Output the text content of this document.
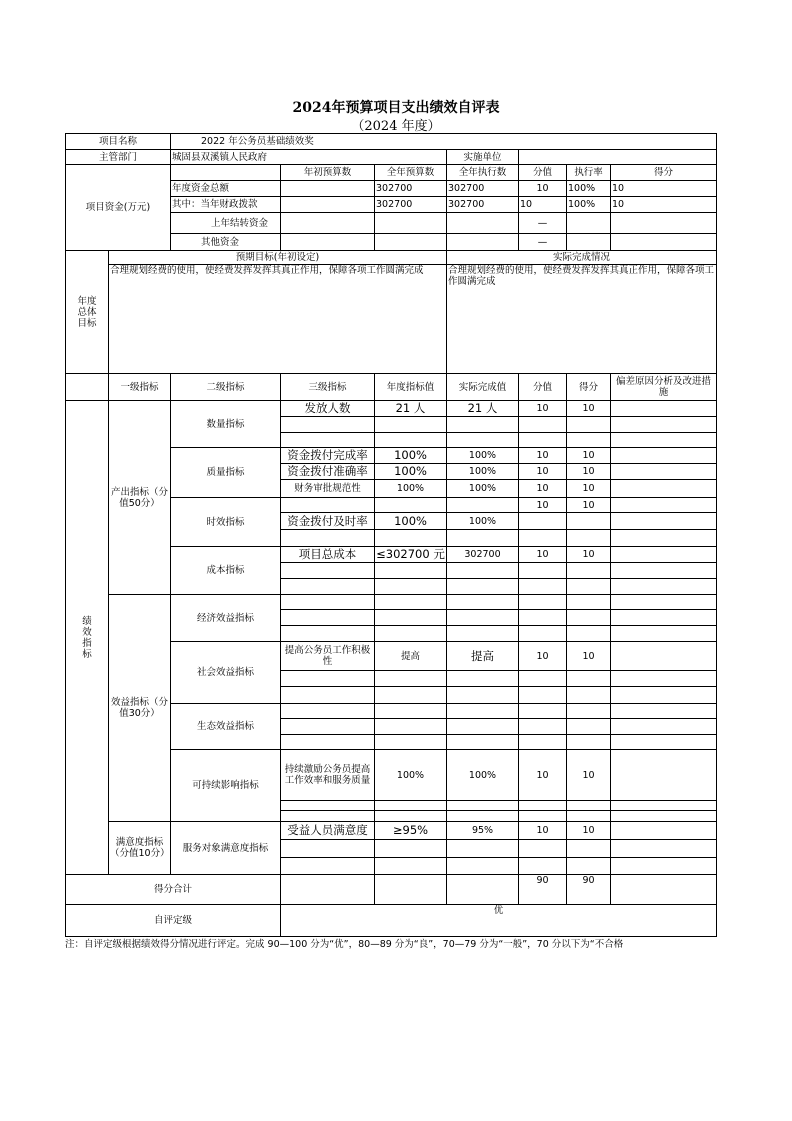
2024年预算项目支出绩效自评表
（2024 年度）
项目名称		2022 年公务员基础绩效奖						
主管部门		城固县双溪镇人民政府			实施单位			
项目资金(万元)			年初预算数	全年预算数	全年执行数	分值	执行率	得分
		年度资金总额		302700	302700	10	100%	10
		其中：当年财政拨款		302700	302700	10	100%	10
		上年结转资金				—		
		其他资金				—		
年度总体目标	预期目标(年初设定)				实际完成情况			
	合理规划经费的使用，使经费发挥发挥其真正作用，保障各项工作圆满完成				合理规划经费的使用，使经费发挥发挥其真正作用，保障各项工作圆满完成			
	一级指标	二级指标	三级指标	年度指标值	实际完成值	分值	得分	偏差原因分析及改进措施
绩效指标	产出指标（分值50分）	数量指标	发放人数	21 人	21 人	10	10	

		质量指标	资金拨付完成率	100%	100%	10	10	
			资金拨付准确率	100%	100%	10	10	
			财务审批规范性	100%	100%	10	10	
		时效指标				10	10	
			资金拨付及时率	100%	100%			

		成本指标	项目总成本	≤302700 元	302700	10	10	

	效益指标（分值30分）	经济效益指标						

		社会效益指标	提高公务员工作积极性	提高	提高	10	10	

		生态效益指标						

		可持续影响指标	持续激励公务员提高工作效率和服务质量	100%	100%	10	10	

	满意度指标（分值10分）	服务对象满意度指标	受益人员满意度	≥95%	95%	10	10	

得分合计						90	90	
自评定级			优					
注：自评定级根据绩效得分情况进行评定。完成 90—100 分为“优”，80—89 分为“良”，70—79 分为“一般”，70 分以下为“不合格
